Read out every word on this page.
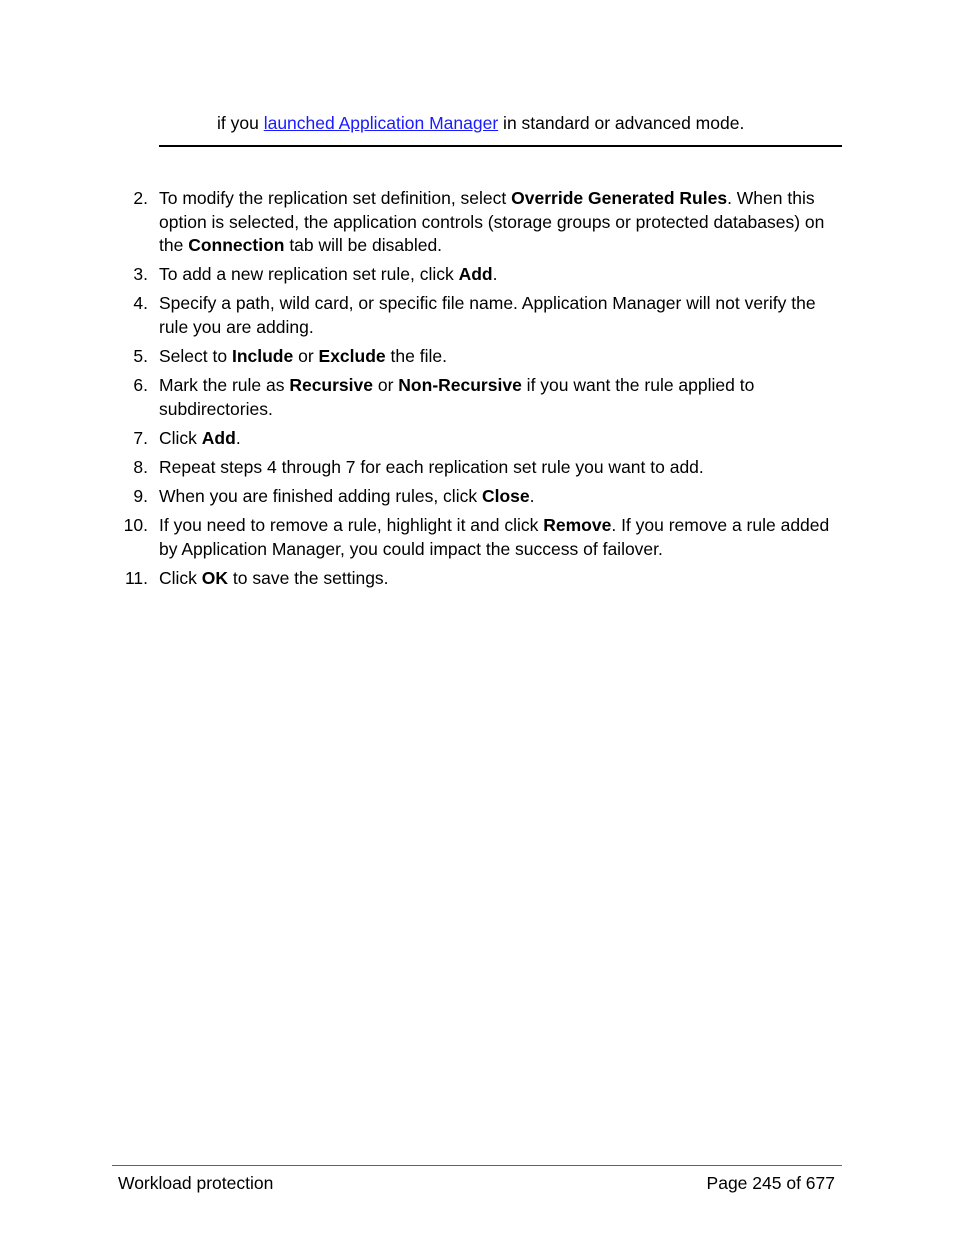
if you launched Application Manager in standard or advanced mode.
2. To modify the replication set definition, select Override Generated Rules. When this option is selected, the application controls (storage groups or protected databases) on the Connection tab will be disabled.
3. To add a new replication set rule, click Add.
4. Specify a path, wild card, or specific file name. Application Manager will not verify the rule you are adding.
5. Select to Include or Exclude the file.
6. Mark the rule as Recursive or Non-Recursive if you want the rule applied to subdirectories.
7. Click Add.
8. Repeat steps 4 through 7 for each replication set rule you want to add.
9. When you are finished adding rules, click Close.
10. If you need to remove a rule, highlight it and click Remove. If you remove a rule added by Application Manager, you could impact the success of failover.
11. Click OK to save the settings.
Workload protection	Page 245 of 677
